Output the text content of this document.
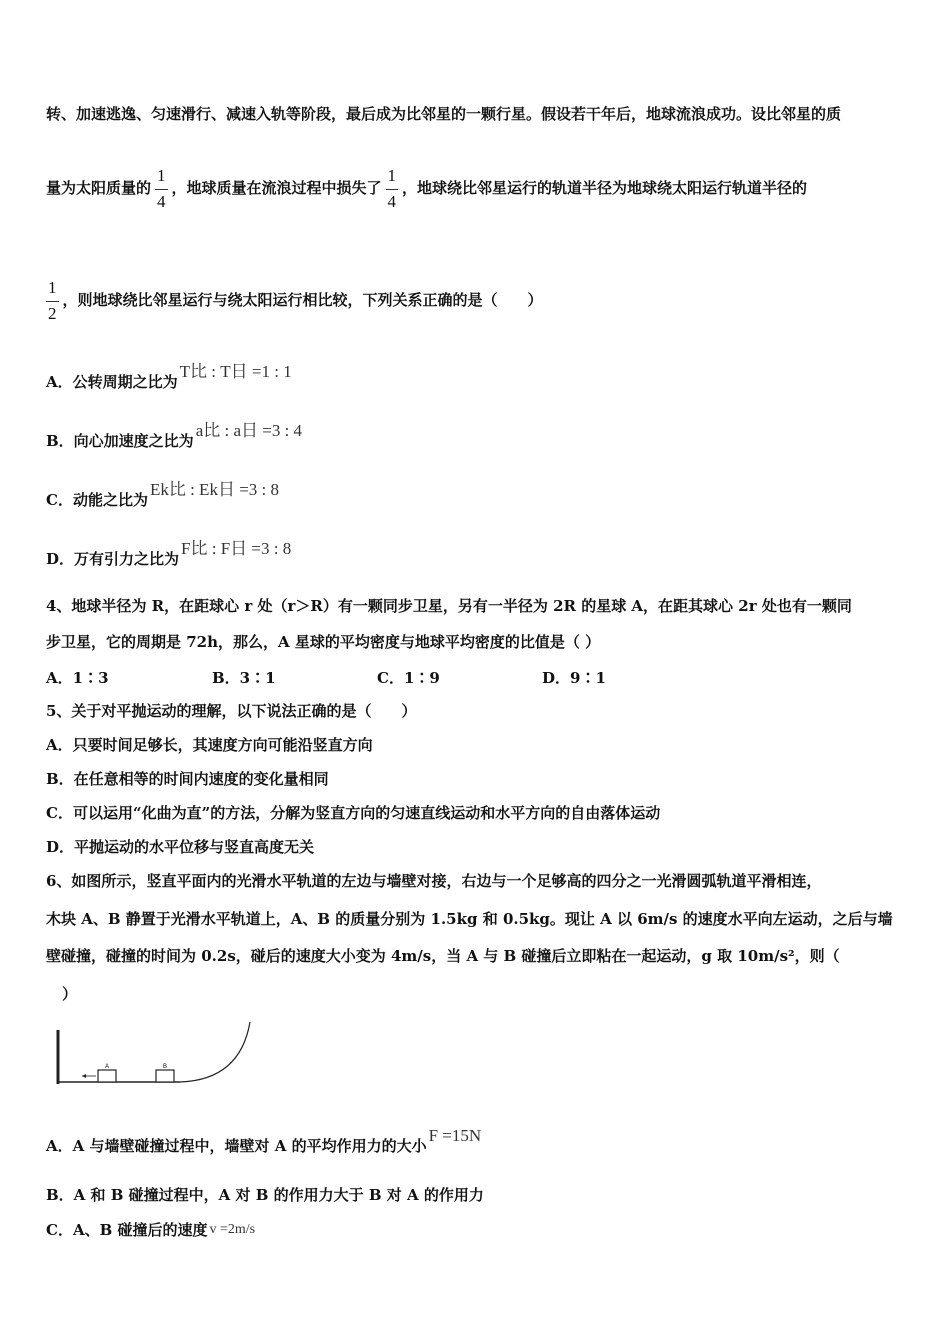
转、加速逃逸、匀速滑行、减速入轨等阶段，最后成为比邻星的一颗行星。假设若干年后，地球流浪成功。设比邻星的质
量为太阳质量的 $\frac{1}{4}$ ，地球质量在流浪过程中损失了 $\frac{1}{4}$ ，地球绕比邻星运行的轨道半径为地球绕太阳运行轨道半径的
$\frac{1}{2}$ ，则地球绕比邻星运行与绕太阳运行相比较，下列关系正确的是（　　）
A．公转周期之比为T比 : T日 =1 : 1
B．向心加速度之比为a比 : a日 =3 : 4
C．动能之比为Ek比 : Ek日 =3 : 8
D．万有引力之比为F比 : F日 =3 : 8
4、地球半径为 R，在距球心 r 处（r＞R）有一颗同步卫星，另有一半径为 2R 的星球 A，在距其球心 2r 处也有一颗同
步卫星，它的周期是 72h，那么，A 星球的平均密度与地球平均密度的比值是（ ）
A．1∶3	B．3∶1	C．1∶9	D．9∶1
5、关于对平抛运动的理解，以下说法正确的是（　　）
A．只要时间足够长，其速度方向可能沿竖直方向
B．在任意相等的时间内速度的变化量相同
C．可以运用“化曲为直”的方法，分解为竖直方向的匀速直线运动和水平方向的自由落体运动
D．平抛运动的水平位移与竖直高度无关
6、如图所示，竖直平面内的光滑水平轨道的左边与墙壁对接，右边与一个足够高的四分之一光滑圆弧轨道平滑相连，
木块 A、B 静置于光滑水平轨道上，A、B 的质量分别为 1.5kg 和 0.5kg。现让 A 以 6m/s 的速度水平向左运动，之后与墙
壁碰撞，碰撞的时间为 0.2s，碰后的速度大小变为 4m/s，当 A 与 B 碰撞后立即粘在一起运动，g 取 10m/s²，则（
）
A	B
A．A 与墙壁碰撞过程中，墙壁对 A 的平均作用力的大小F =15N
B．A 和 B 碰撞过程中，A 对 B 的作用力大于 B 对 A 的作用力
C．A、B 碰撞后的速度 v =2m/s
